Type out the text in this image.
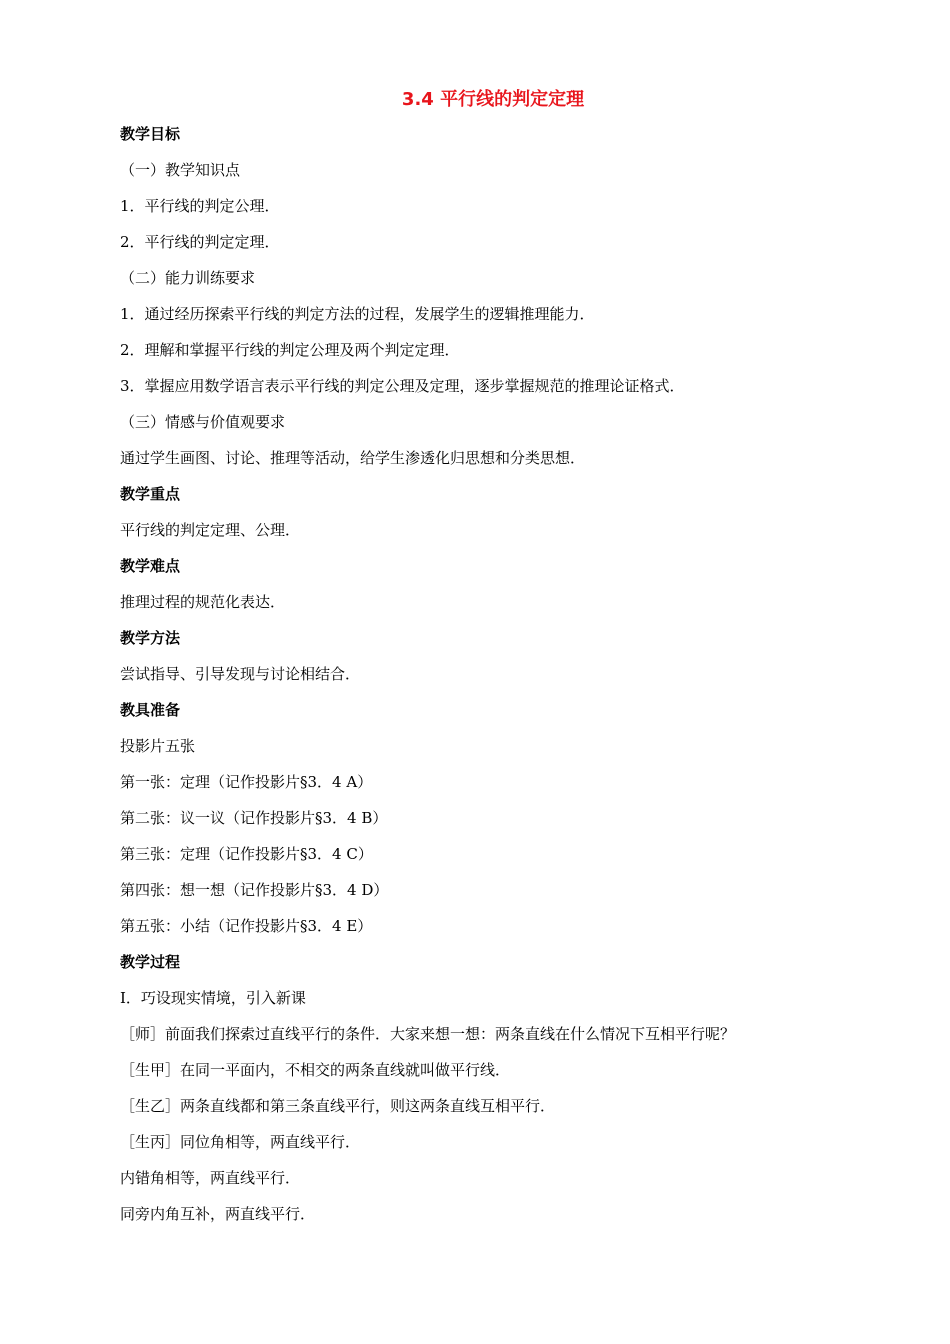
3.4 平行线的判定定理
教学目标
（一）教学知识点
1．平行线的判定公理．
2．平行线的判定定理．
（二）能力训练要求
1．通过经历探索平行线的判定方法的过程，发展学生的逻辑推理能力．
2．理解和掌握平行线的判定公理及两个判定定理．
3．掌握应用数学语言表示平行线的判定公理及定理，逐步掌握规范的推理论证格式．
（三）情感与价值观要求
通过学生画图、讨论、推理等活动，给学生渗透化归思想和分类思想．
教学重点
平行线的判定定理、公理．
教学难点
推理过程的规范化表达．
教学方法
尝试指导、引导发现与讨论相结合．
教具准备
投影片五张
第一张：定理（记作投影片§3．4 A）
第二张：议一议（记作投影片§3．4 B）
第三张：定理（记作投影片§3．4 C）
第四张：想一想（记作投影片§3．4 D）
第五张：小结（记作投影片§3．4 E）
教学过程
Ⅰ．巧设现实情境，引入新课
［师］前面我们探索过直线平行的条件．大家来想一想：两条直线在什么情况下互相平行呢？
［生甲］在同一平面内，不相交的两条直线就叫做平行线．
［生乙］两条直线都和第三条直线平行，则这两条直线互相平行．
［生丙］同位角相等，两直线平行．
内错角相等，两直线平行．
同旁内角互补，两直线平行．
